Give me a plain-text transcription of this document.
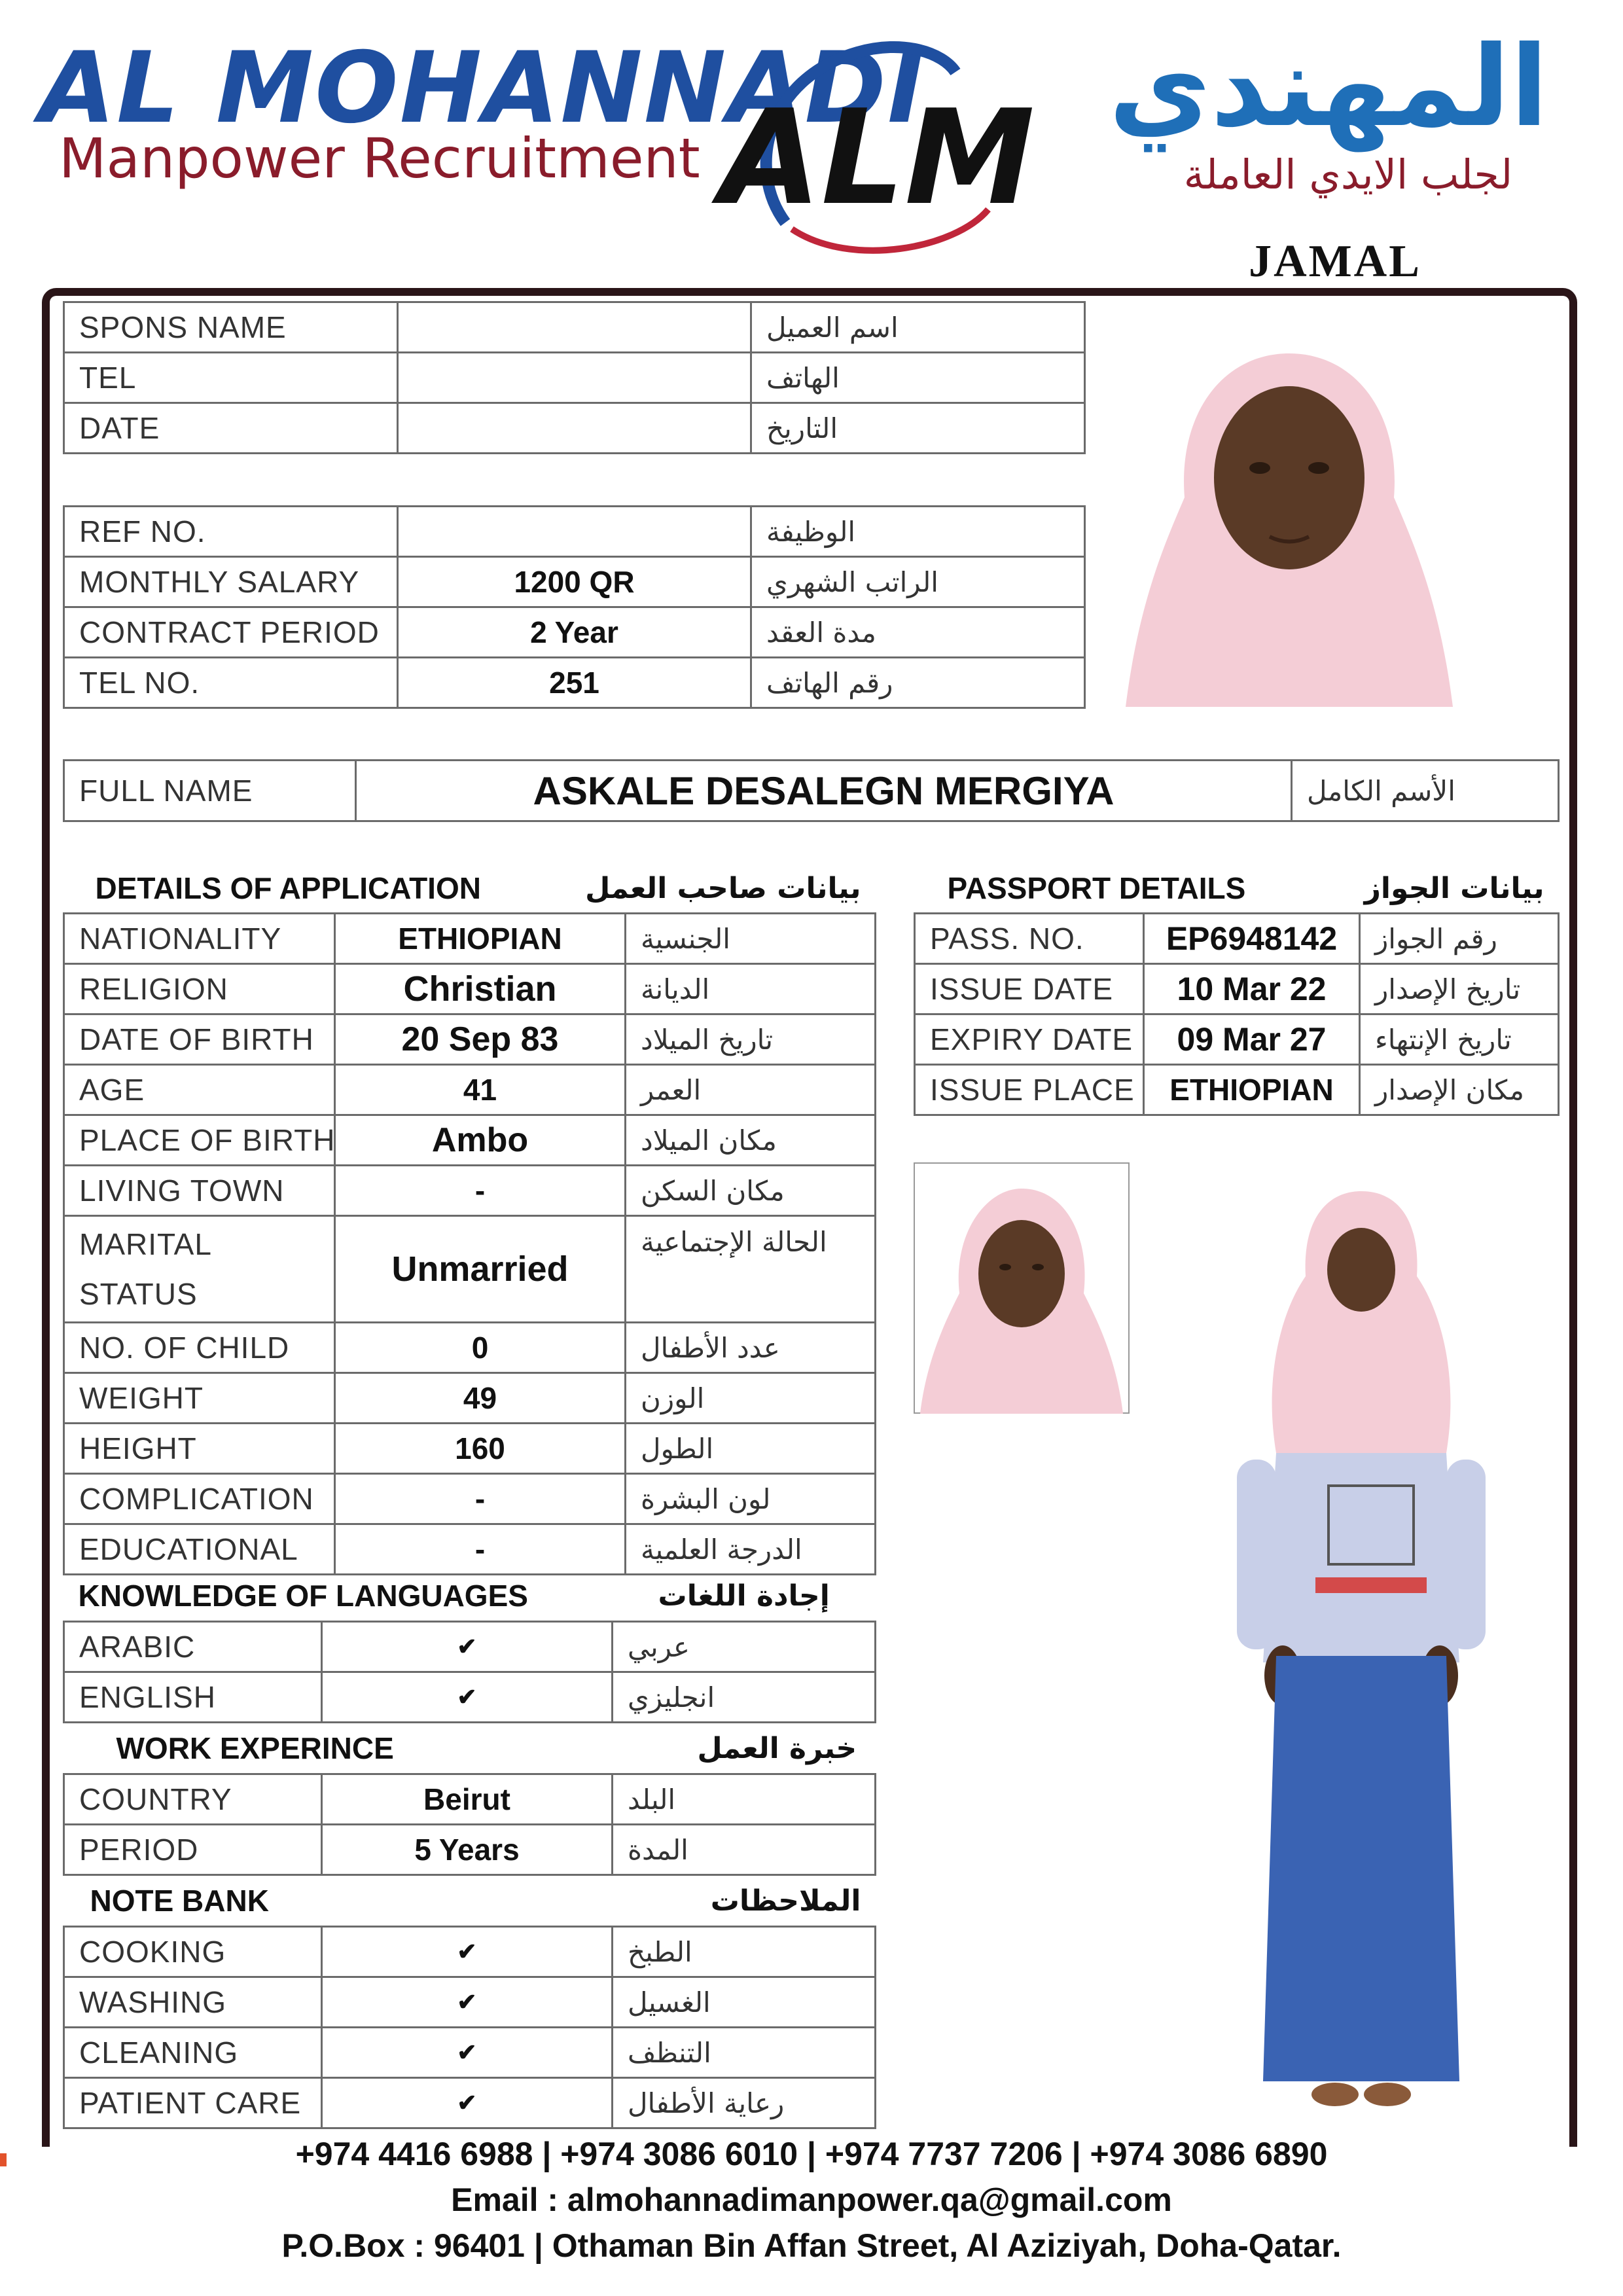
AL MOHANNADI
Manpower Recruitment ALM المهندي
لجلب الايدي العاملة
JAMAL
SPONS NAME		اسم العميل
TEL		الهاتف
DATE		التاريخ
REF NO.		الوظيفة
MONTHLY SALARY	1200 QR	الراتب الشهري
CONTRACT PERIOD	2 Year	مدة العقد
TEL NO.	251	رقم الهاتف
FULL NAME	ASKALE DESALEGN MERGIYA	الأسم الكامل
DETAILS OF APPLICATION		بيانات صاحب العمل
NATIONALITY	ETHIOPIAN	الجنسية
RELIGION	Christian	الديانة
DATE OF BIRTH	20 Sep 83	تاريخ الميلاد
AGE	41	العمر
PLACE OF BIRTH	Ambo	مكان الميلاد
LIVING TOWN	-	مكان السكن

MARITAL
STATUS	Unmarried	الحالة الإجتماعية
NO. OF CHILD	0	عدد الأطفال
WEIGHT	49	الوزن
HEIGHT	160	الطول
COMPLICATION	-	لون البشرة
EDUCATIONAL	-	الدرجة العلمية
KNOWLEDGE OF LANGUAGES		إجادة اللغات
ARABIC	✔	عربي
ENGLISH	✔	انجليزي
WORK EXPERINCE		خبرة العمل
COUNTRY	Beirut	البلد
PERIOD	5 Years	المدة
NOTE BANK		الملاحظات
COOKING	✔	الطبخ
WASHING	✔	الغسيل
CLEANING	✔	التنظف
PATIENT CARE	✔	رعاية الأطفال
PASSPORT DETAILS		بيانات الجواز
PASS. NO.	EP6948142	رقم الجواز
ISSUE DATE	10 Mar 22	تاريخ الإصدار
EXPIRY DATE	09 Mar 27	تاريخ الإنتهاء
ISSUE PLACE	ETHIOPIAN	مكان الإصدار
+974 4416 6988 | +974 3086 6010 | +974 7737 7206 | +974 3086 6890
Email : almohannadimanpower.qa@gmail.com
P.O.Box : 96401 | Othaman Bin Affan Street, Al Aziziyah, Doha-Qatar.
